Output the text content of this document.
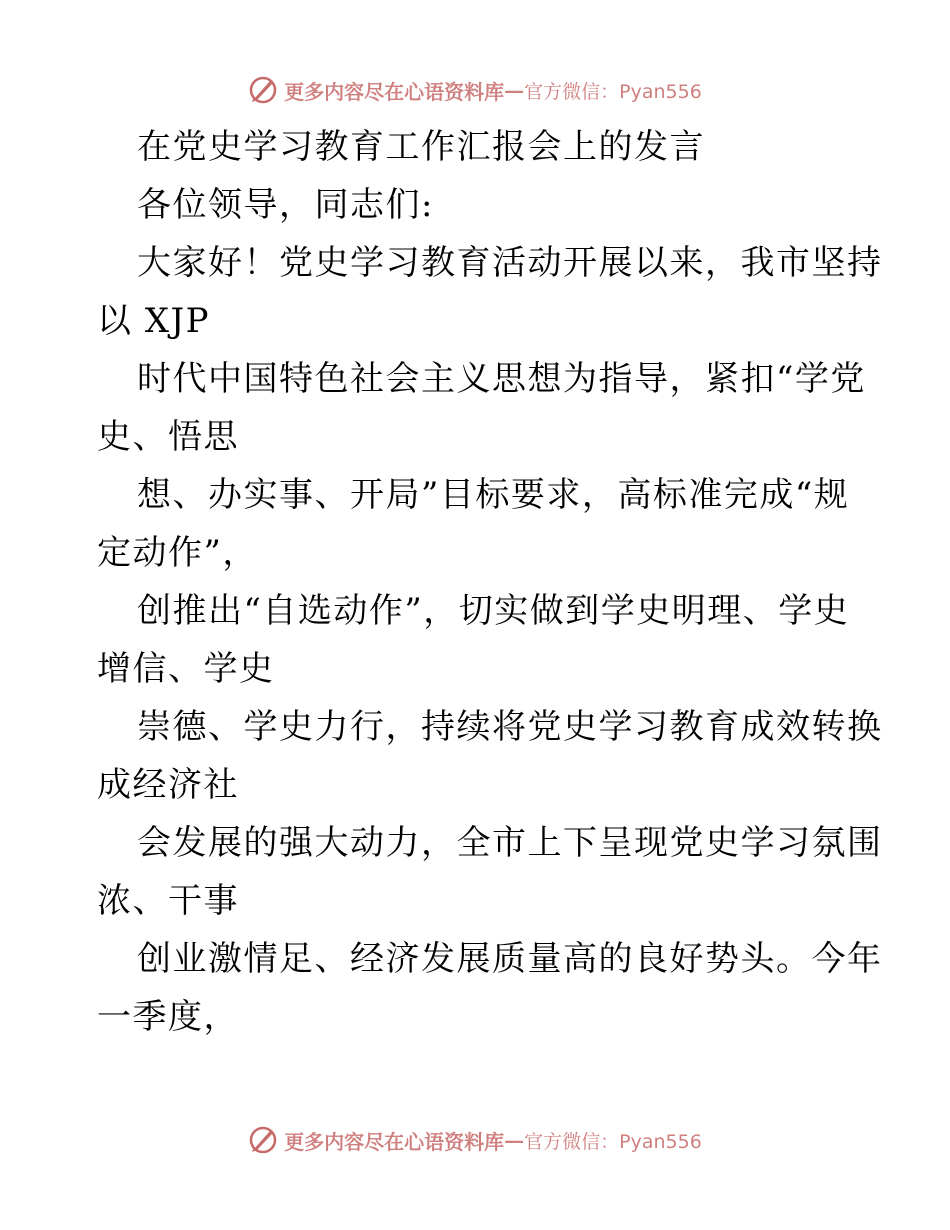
更多内容尽在心语资料库 — 官方微信：Pyan556
在党史学习教育工作汇报会上的发言
各位领导，同志们:
大家好！党史学习教育活动开展以来，我市坚持
以 XJP
时代中国特色社会主义思想为指导，紧扣“学党
史、悟思
想、办实事、开局”目标要求，高标准完成“规
定动作”，
创推出“自选动作”，切实做到学史明理、学史
增信、学史
崇德、学史力行，持续将党史学习教育成效转换
成经济社
会发展的强大动力，全市上下呈现党史学习氛围
浓、干事
创业激情足、经济发展质量高的良好势头。今年
一季度，
更多内容尽在心语资料库 — 官方微信：Pyan556
